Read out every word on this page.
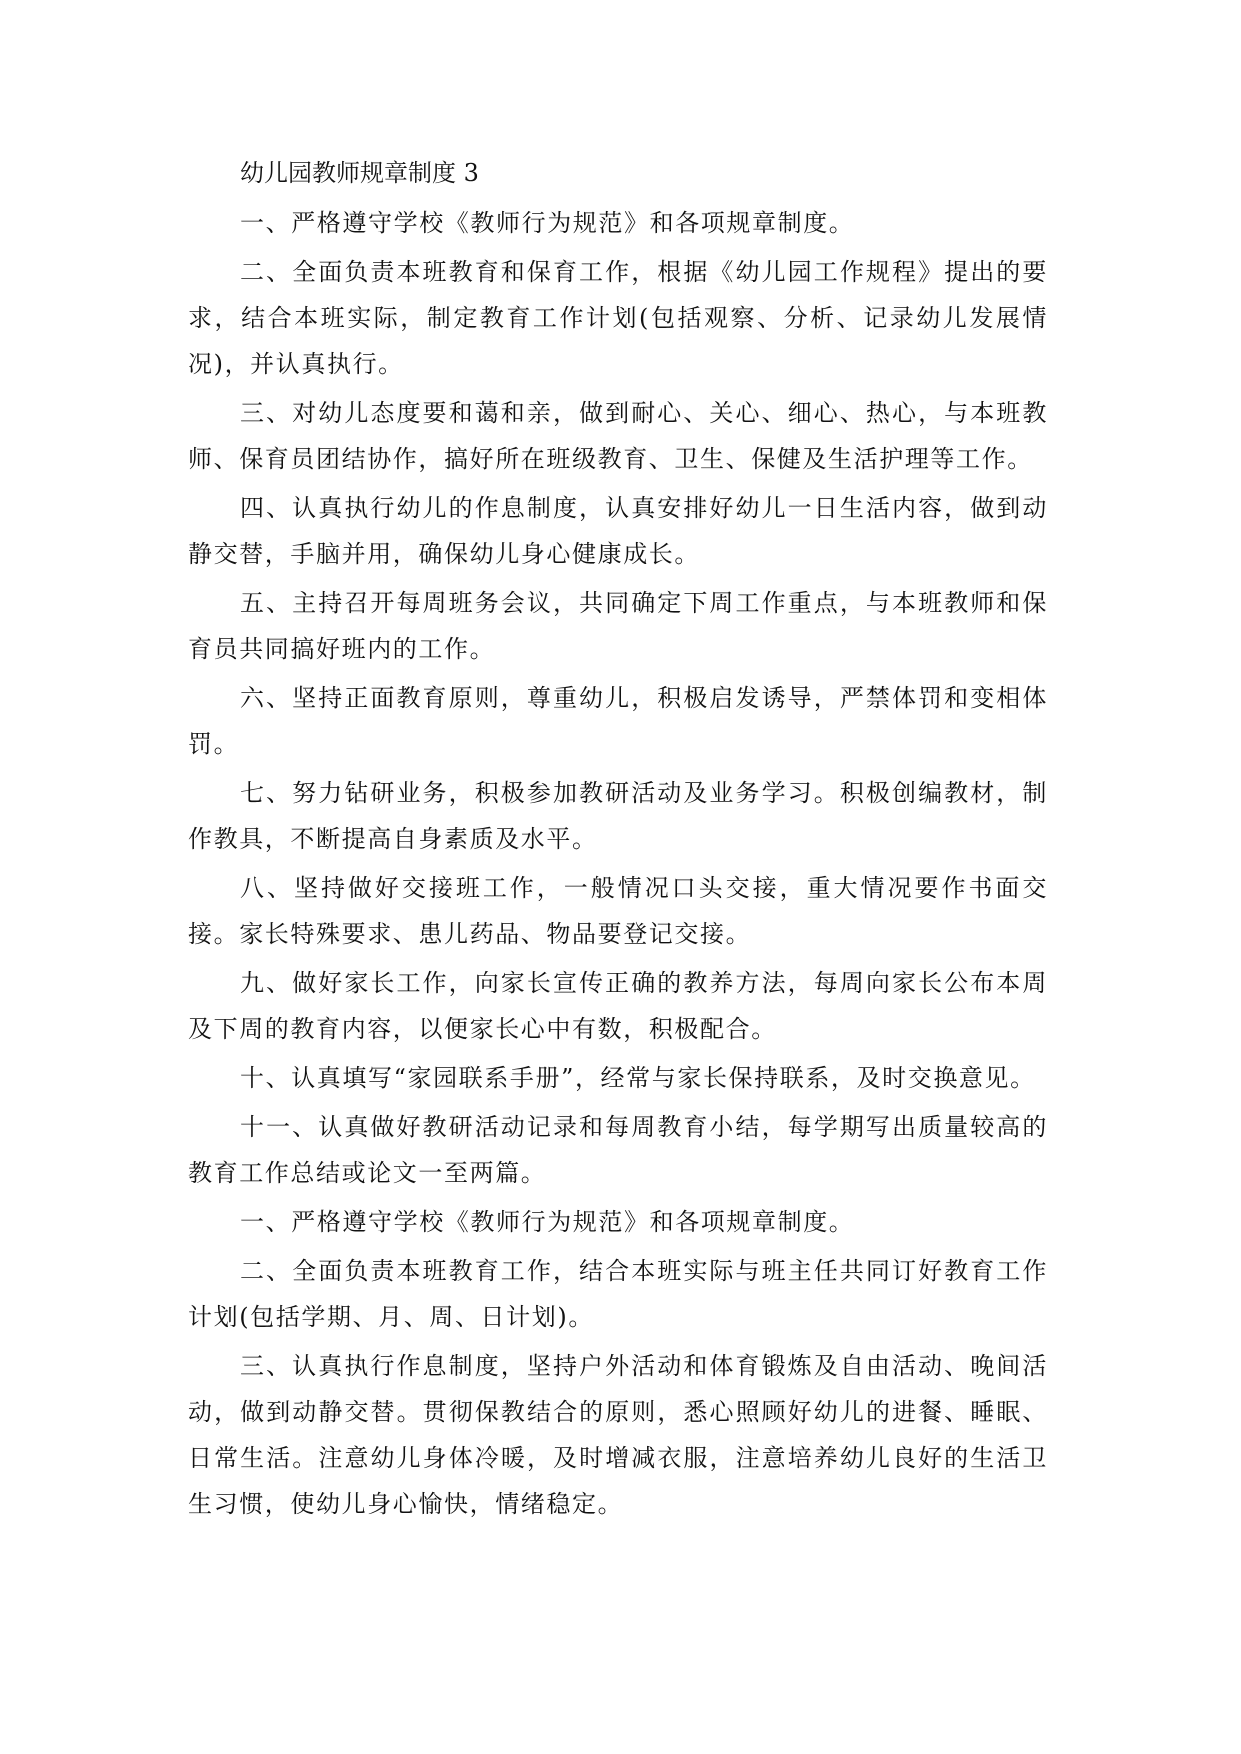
幼儿园教师规章制度 3

一、严格遵守学校《教师行为规范》和各项规章制度。

二、全面负责本班教育和保育工作，根据《幼儿园工作规程》提出的要求，结合本班实际，制定教育工作计划(包括观察、分析、记录幼儿发展情况)，并认真执行。

三、对幼儿态度要和蔼和亲，做到耐心、关心、细心、热心，与本班教师、保育员团结协作，搞好所在班级教育、卫生、保健及生活护理等工作。

四、认真执行幼儿的作息制度，认真安排好幼儿一日生活内容，做到动静交替，手脑并用，确保幼儿身心健康成长。

五、主持召开每周班务会议，共同确定下周工作重点，与本班教师和保育员共同搞好班内的工作。

六、坚持正面教育原则，尊重幼儿，积极启发诱导，严禁体罚和变相体罚。

七、努力钻研业务，积极参加教研活动及业务学习。积极创编教材，制作教具，不断提高自身素质及水平。

八、坚持做好交接班工作，一般情况口头交接，重大情况要作书面交接。家长特殊要求、患儿药品、物品要登记交接。

九、做好家长工作，向家长宣传正确的教养方法，每周向家长公布本周及下周的教育内容，以便家长心中有数，积极配合。

十、认真填写“家园联系手册”，经常与家长保持联系，及时交换意见。

十一、认真做好教研活动记录和每周教育小结，每学期写出质量较高的教育工作总结或论文一至两篇。

一、严格遵守学校《教师行为规范》和各项规章制度。

二、全面负责本班教育工作，结合本班实际与班主任共同订好教育工作计划(包括学期、月、周、日计划)。

三、认真执行作息制度，坚持户外活动和体育锻炼及自由活动、晚间活动，做到动静交替。贯彻保教结合的原则，悉心照顾好幼儿的进餐、睡眠、日常生活。注意幼儿身体冷暖，及时增减衣服，注意培养幼儿良好的生活卫生习惯，使幼儿身心愉快，情绪稳定。
